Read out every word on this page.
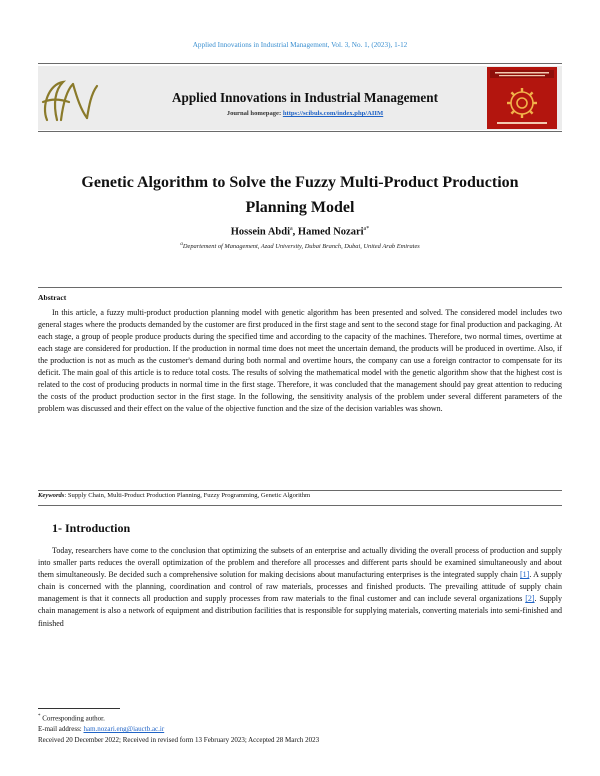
Applied Innovations in Industrial Management, Vol. 3, No. 1, (2023), 1-12
Applied Innovations in Industrial Management
Journal homepage: https://scibuls.com/index.php/AIIM
Genetic Algorithm to Solve the Fuzzy Multi-Product Production Planning Model
Hossein Abdi$^a$, Hamed Nozari$^{a*}$
$^a$Departement of Management, Azad University, Dubai Branch, Dubai, United Arab Emirates
Abstract

In this article, a fuzzy multi-product production planning model with genetic algorithm has been presented and solved. The considered model includes two general stages where the products demanded by the customer are first produced in the first stage and sent to the second stage for final production and packaging. At each stage, a group of people produce products during the specified time and according to the capacity of the machines. Therefore, two normal times, overtime at each stage are considered for production. If the production in normal time does not meet the uncertain demand, the products will be produced in overtime. Also, if the production is not as much as the customer's demand during both normal and overtime hours, the company can use a foreign contractor to compensate for its deficit. The main goal of this article is to reduce total costs. The results of solving the mathematical model with the genetic algorithm show that the highest cost is related to the cost of producing products in normal time in the first stage. Therefore, it was concluded that the management should pay great attention to reducing the costs of the product production sector in the first stage. In the following, the sensitivity analysis of the problem under several different parameters of the problem was discussed and their effect on the value of the objective function and the size of the decision variables was shown.

Keywords: Supply Chain, Multi-Product Production Planning, Fuzzy Programming, Genetic Algorithm
1- Introduction

Today, researchers have come to the conclusion that optimizing the subsets of an enterprise and actually dividing the overall process of production and supply into smaller parts reduces the overall optimization of the problem and therefore all processes and different parts should be examined simultaneously and about them simultaneously. Be decided such a comprehensive solution for making decisions about manufacturing enterprises is the integrated supply chain [1]. A supply chain is concerned with the planning, coordination and control of raw materials, processes and finished products. The prevailing attitude of supply chain management is that it connects all production and supply processes from raw materials to the final customer and can include several organizations [2]. Supply chain management is also a network of equipment and distribution facilities that is responsible for supplying materials, converting materials into semi-finished and finished

* Corresponding author.
E-mail address: ham.nozari.eng@iauctb.ac.ir
Received 20 December 2022; Received in revised form 13 February 2023; Accepted 28 March 2023
